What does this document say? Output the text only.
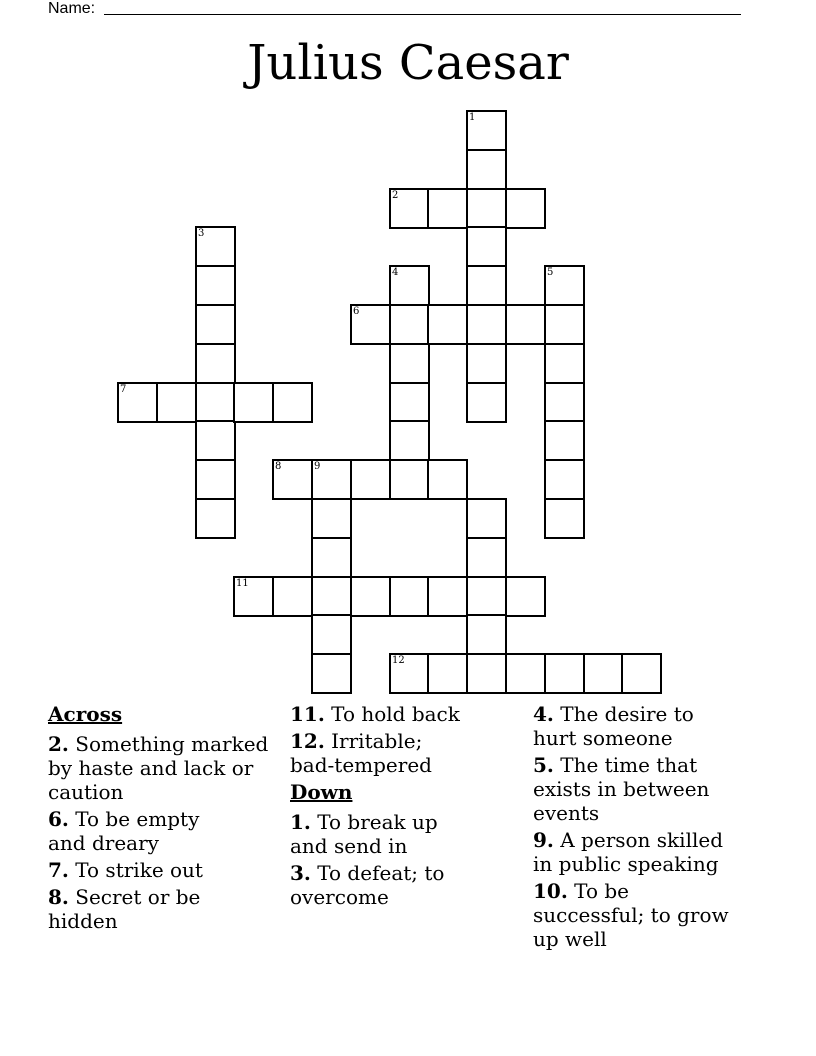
Name:
Julius Caesar
1
2
3
4	5
6
7
8	9
11
12
Across
2. Something marked by haste and lack or caution
6. To be empty and dreary
7. To strike out
8. Secret or be hidden
11. To hold back
12. Irritable; bad-tempered
Down
1. To break up and send in
3. To defeat; to overcome
4. The desire to hurt someone
5. The time that exists in between events
9. A person skilled in public speaking
10. To be successful; to grow up well
